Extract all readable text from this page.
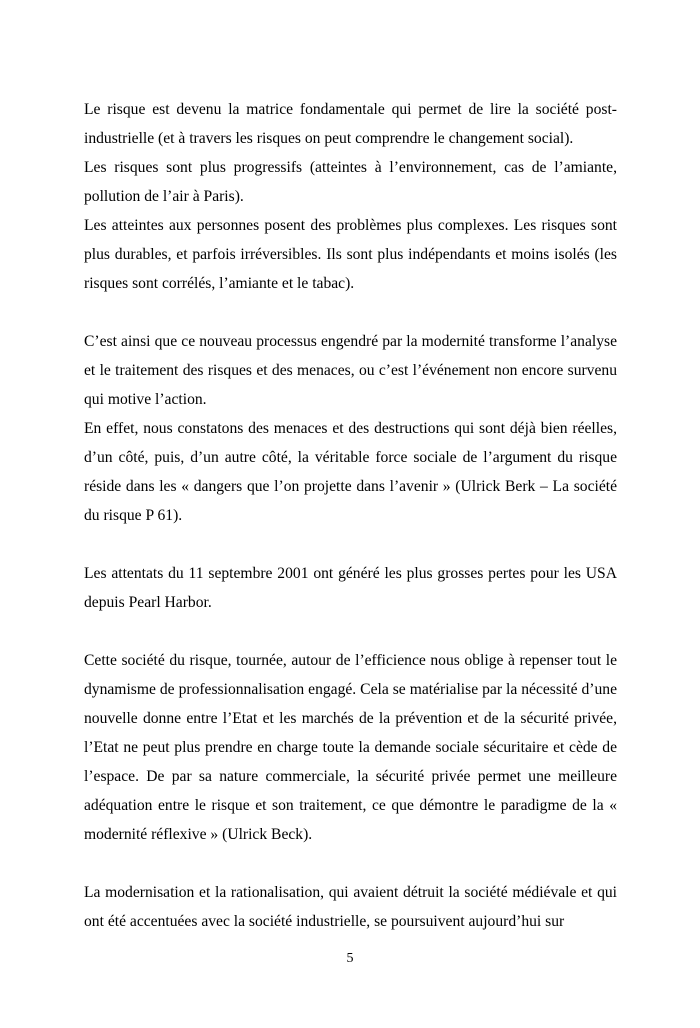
Le risque est devenu la matrice fondamentale qui permet de lire la société post-industrielle (et à travers les risques on peut comprendre le changement social).

Les risques sont plus progressifs (atteintes à l’environnement, cas de l’amiante, pollution de l’air à Paris).

Les atteintes aux personnes posent des problèmes plus complexes. Les risques sont plus durables, et parfois irréversibles. Ils sont plus indépendants et moins isolés (les risques sont corrélés, l’amiante et le tabac).

C’est ainsi que ce nouveau processus engendré par la modernité transforme l’analyse et le traitement des risques et des menaces, ou c’est l’événement non encore survenu qui motive l’action.

En effet, nous constatons des menaces et des destructions qui sont déjà bien réelles, d’un côté, puis, d’un autre côté, la véritable force sociale de l’argument du risque réside dans les « dangers que l’on projette dans l’avenir » (Ulrick Berk – La société du risque P 61).

Les attentats du 11 septembre 2001 ont généré les plus grosses pertes pour les USA depuis Pearl Harbor.

Cette société du risque, tournée, autour de l’efficience nous oblige à repenser tout le dynamisme de professionnalisation engagé. Cela se matérialise par la nécessité d’une nouvelle donne entre l’Etat et les marchés de la prévention et de la sécurité privée, l’Etat ne peut plus prendre en charge toute la demande sociale sécuritaire et cède de l’espace. De par sa nature commerciale, la sécurité privée permet une meilleure adéquation entre le risque et son traitement, ce que démontre le paradigme de la « modernité réflexive » (Ulrick Beck).

La modernisation et la rationalisation, qui avaient détruit la société médiévale et qui ont été accentuées avec la société industrielle, se poursuivent aujourd’hui sur

5
